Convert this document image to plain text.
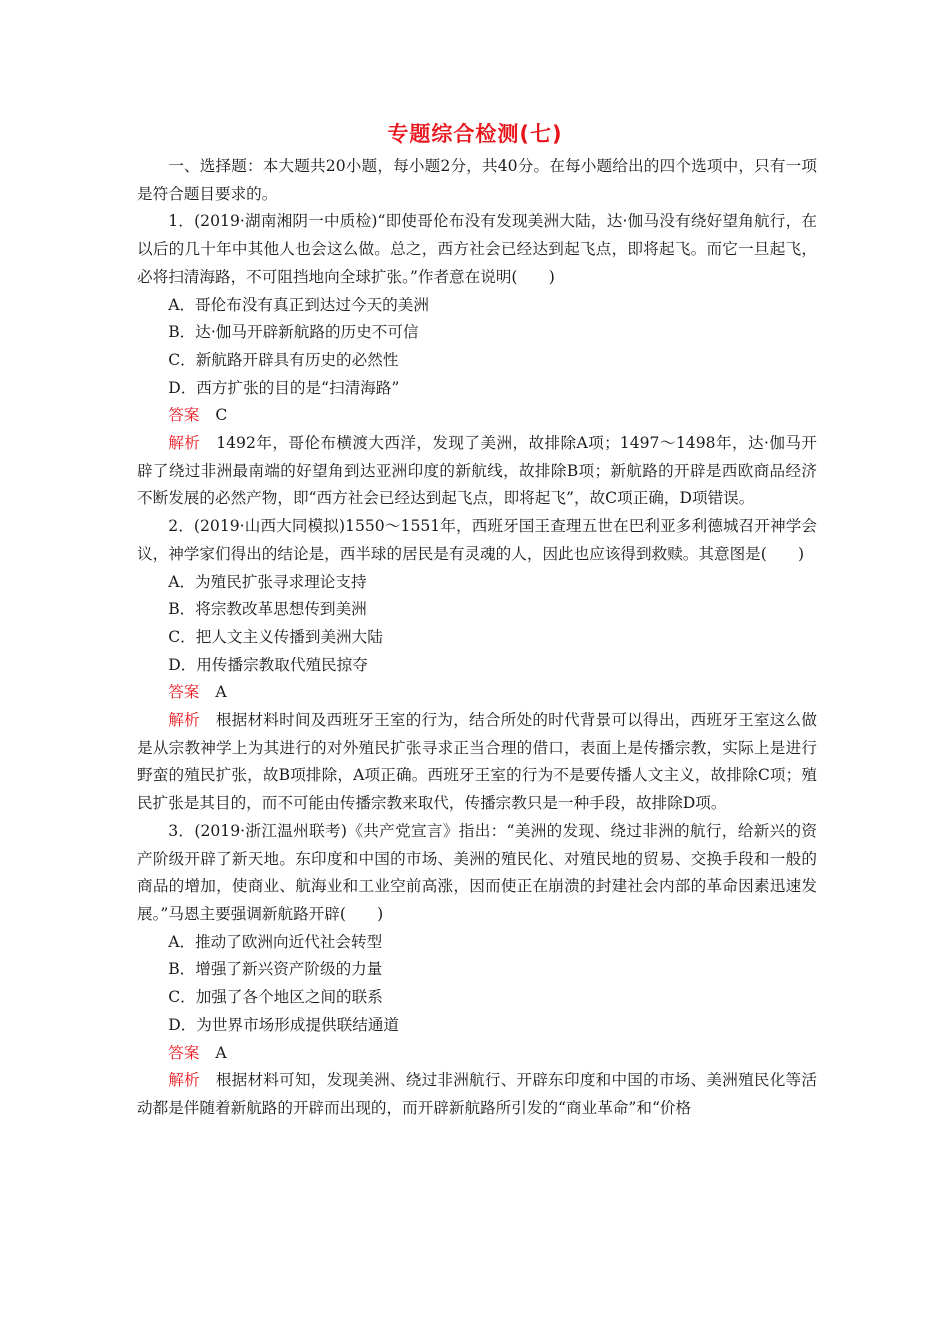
专题综合检测(七)

一、选择题：本大题共20小题，每小题2分，共40分。在每小题给出的四个选项中，只有一项是符合题目要求的。

1．(2019·湖南湘阴一中质检)“即使哥伦布没有发现美洲大陆，达·伽马没有绕好望角航行，在以后的几十年中其他人也会这么做。总之，西方社会已经达到起飞点，即将起飞。而它一旦起飞，必将扫清海路，不可阻挡地向全球扩张。”作者意在说明(　　)

A．哥伦布没有真正到达过今天的美洲

B．达·伽马开辟新航路的历史不可信

C．新航路开辟具有历史的必然性

D．西方扩张的目的是“扫清海路”

答案 C

解析 1492年，哥伦布横渡大西洋，发现了美洲，故排除A项；1497～1498年，达·伽马开辟了绕过非洲最南端的好望角到达亚洲印度的新航线，故排除B项；新航路的开辟是西欧商品经济不断发展的必然产物，即“西方社会已经达到起飞点，即将起飞”，故C项正确，D项错误。

2．(2019·山西大同模拟)1550～1551年，西班牙国王查理五世在巴利亚多利德城召开神学会议，神学家们得出的结论是，西半球的居民是有灵魂的人，因此也应该得到救赎。其意图是(　　)

A．为殖民扩张寻求理论支持

B．将宗教改革思想传到美洲

C．把人文主义传播到美洲大陆

D．用传播宗教取代殖民掠夺

答案 A

解析 根据材料时间及西班牙王室的行为，结合所处的时代背景可以得出，西班牙王室这么做是从宗教神学上为其进行的对外殖民扩张寻求正当合理的借口，表面上是传播宗教，实际上是进行野蛮的殖民扩张，故B项排除，A项正确。西班牙王室的行为不是要传播人文主义，故排除C项；殖民扩张是其目的，而不可能由传播宗教来取代，传播宗教只是一种手段，故排除D项。

3．(2019·浙江温州联考)《共产党宣言》指出：“美洲的发现、绕过非洲的航行，给新兴的资产阶级开辟了新天地。东印度和中国的市场、美洲的殖民化、对殖民地的贸易、交换手段和一般的商品的增加，使商业、航海业和工业空前高涨，因而使正在崩溃的封建社会内部的革命因素迅速发展。”马恩主要强调新航路开辟(　　)

A．推动了欧洲向近代社会转型

B．增强了新兴资产阶级的力量

C．加强了各个地区之间的联系

D．为世界市场形成提供联结通道

答案 A

解析 根据材料可知，发现美洲、绕过非洲航行、开辟东印度和中国的市场、美洲殖民化等活动都是伴随着新航路的开辟而出现的，而开辟新航路所引发的“商业革命”和“价格
